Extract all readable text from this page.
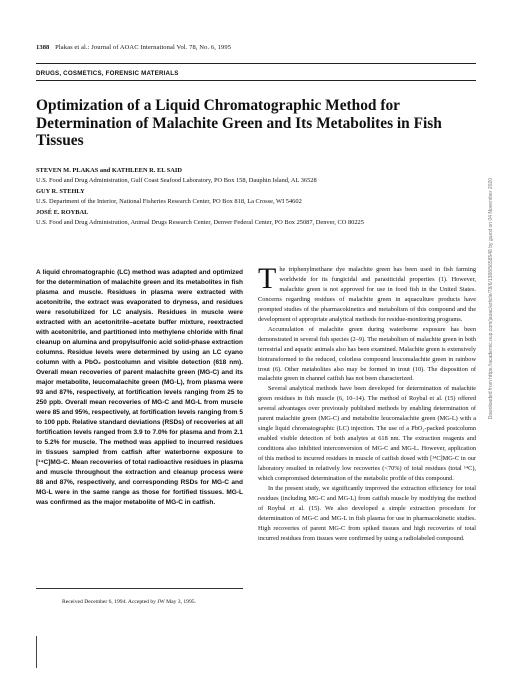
1388 Plakas et al.: Journal of AOAC International Vol. 78, No. 6, 1995
DRUGS, COSMETICS, FORENSIC MATERIALS
Optimization of a Liquid Chromatographic Method for Determination of Malachite Green and Its Metabolites in Fish Tissues
STEVEN M. PLAKAS and KATHLEEN R. EL SAID
U.S. Food and Drug Administration, Gulf Coast Seafood Laboratory, PO Box 158, Dauphin Island, AL 36528
GUY R. STEHLY
U.S. Department of the Interior, National Fisheries Research Center, PO Box 818, La Crosse, WI 54602
JOSÉ E. ROYBAL
U.S. Food and Drug Administration, Animal Drugs Research Center, Denver Federal Center, PO Box 25087, Denver, CO 80225	Downloaded from https://academic.oup.com/jaoac/article/78/6/1388/5658548 by guest on 04 November 2020

A liquid chromatographic (LC) method was adapted and optimized for the determination of malachite green and its metabolites in fish plasma and muscle. Residues in plasma were extracted with acetonitrile, the extract was evaporated to dryness, and residues were resolubilized for LC analysis. Residues in muscle were extracted with an acetonitrile–acetate buffer mixture, reextracted with acetonitrile, and partitioned into methylene chloride with final cleanup on alumina and propylsulfonic acid solid-phase extraction columns. Residue levels were determined by using an LC cyano column with a PbO₂ postcolumn and visible detection (618 nm). Overall mean recoveries of parent malachite green (MG-C) and its major metabolite, leucomalachite green (MG-L), from plasma were 93 and 87%, respectively, at fortification levels ranging from 25 to 250 ppb. Overall mean recoveries of MG-C and MG-L from muscle were 85 and 95%, respectively, at fortification levels ranging from 5 to 100 ppb. Relative standard deviations (RSDs) of recoveries at all fortification levels ranged from 3.9 to 7.0% for plasma and from 2.1 to 5.2% for muscle. The method was applied to incurred residues in tissues sampled from catfish after waterborne exposure to [¹⁴C]MG-C. Mean recoveries of total radioactive residues in plasma and muscle throughout the extraction and cleanup process were 88 and 87%, respectively, and corresponding RSDs for MG-C and MG-L were in the same range as those for fortified tissues. MG-L was confirmed as the major metabolite of MG-C in catfish.

The triphenylmethane dye malachite green has been used in fish farming worldwide for its fungicidal and parasiticidal properties (1). However, malachite green is not approved for use in food fish in the United States. Concerns regarding residues of malachite green in aquaculture products have prompted studies of the pharmacokinetics and metabolism of this compound and the development of appropriate analytical methods for residue-monitoring programs.

Accumulation of malachite green during waterborne exposure has been demonstrated in several fish species (2–9). The metabolism of malachite green in both terrestrial and aquatic animals also has been examined. Malachite green is extensively biotransformed to the reduced, colorless compound leucomalachite green in rainbow trout (6). Other metabolites also may be formed in trout (10). The disposition of malachite green in channel catfish has not been characterized.

Several analytical methods have been developed for determination of malachite green residues in fish muscle (6, 10–14). The method of Roybal et al. (15) offered several advantages over previously published methods by enabling determination of parent malachite green (MG-C) and metabolite leucomalachite green (MG-L) with a single liquid chromatographic (LC) injection. The use of a PbO₂-packed postcolumn enabled visible detection of both analytes at 618 nm. The extraction reagents and conditions also inhibited interconversion of MG-C and MG-L. However, application of this method to incurred residues in muscle of catfish dosed with [¹⁴C]MG-C in our laboratory resulted in relatively low recoveries (<70%) of total residues (total ¹⁴C), which compromised determination of the metabolic profile of this compound.

In the present study, we significantly improved the extraction efficiency for total residues (including MG-C and MG-L) from catfish muscle by modifying the method of Roybal et al. (15). We also developed a simple extraction procedure for determination of MG-C and MG-L in fish plasma for use in pharmacokinetic studies. High recoveries of parent MG-C from spiked tissues and high recoveries of total incurred residues from tissues were confirmed by using a radiolabeled compound.

Received December 6, 1994. Accepted by JW May 3, 1995.
